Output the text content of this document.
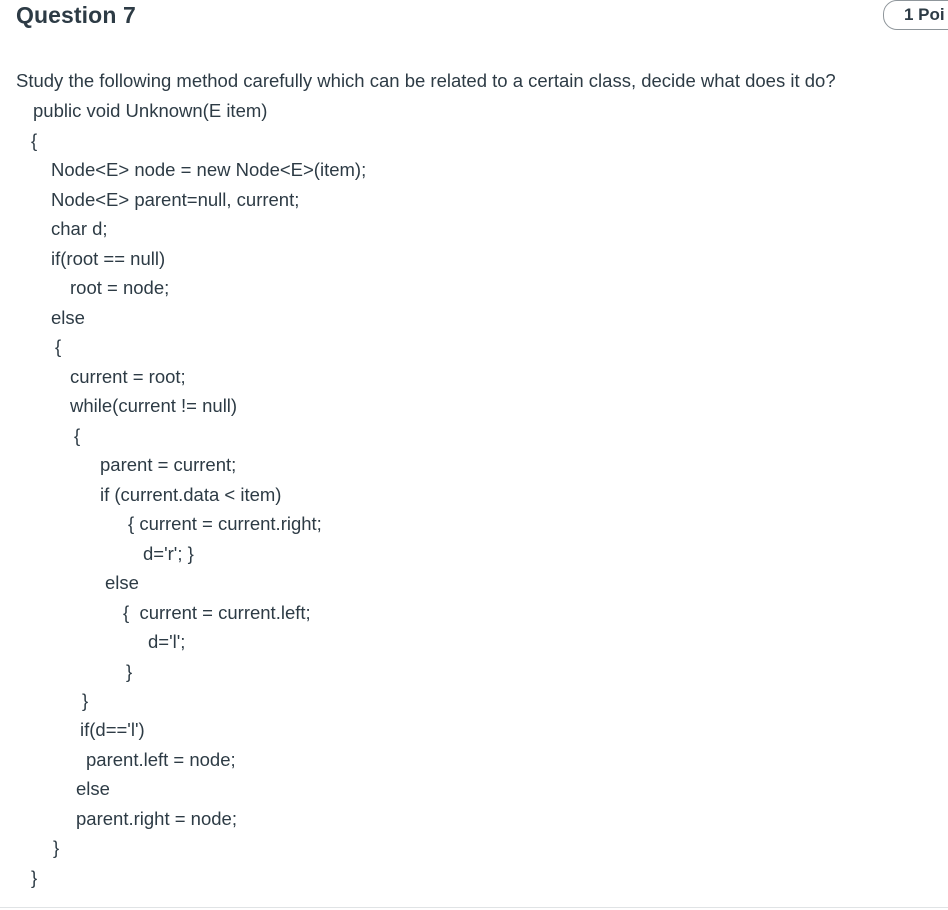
Question 7	1 Poi
Study the following method carefully which can be related to a certain class, decide what does it do?
public void Unknown(E item)
{
Node<E> node = new Node<E>(item);
Node<E> parent=null, current;
char d;
if(root == null)
root = node;
else
{
current = root;
while(current != null)
{
parent = current;
if (current.data < item)
{ current = current.right;
d='r'; }
else
{  current = current.left;
d='l';
}
}
if(d=='l')
parent.left = node;
else
parent.right = node;
}
}
